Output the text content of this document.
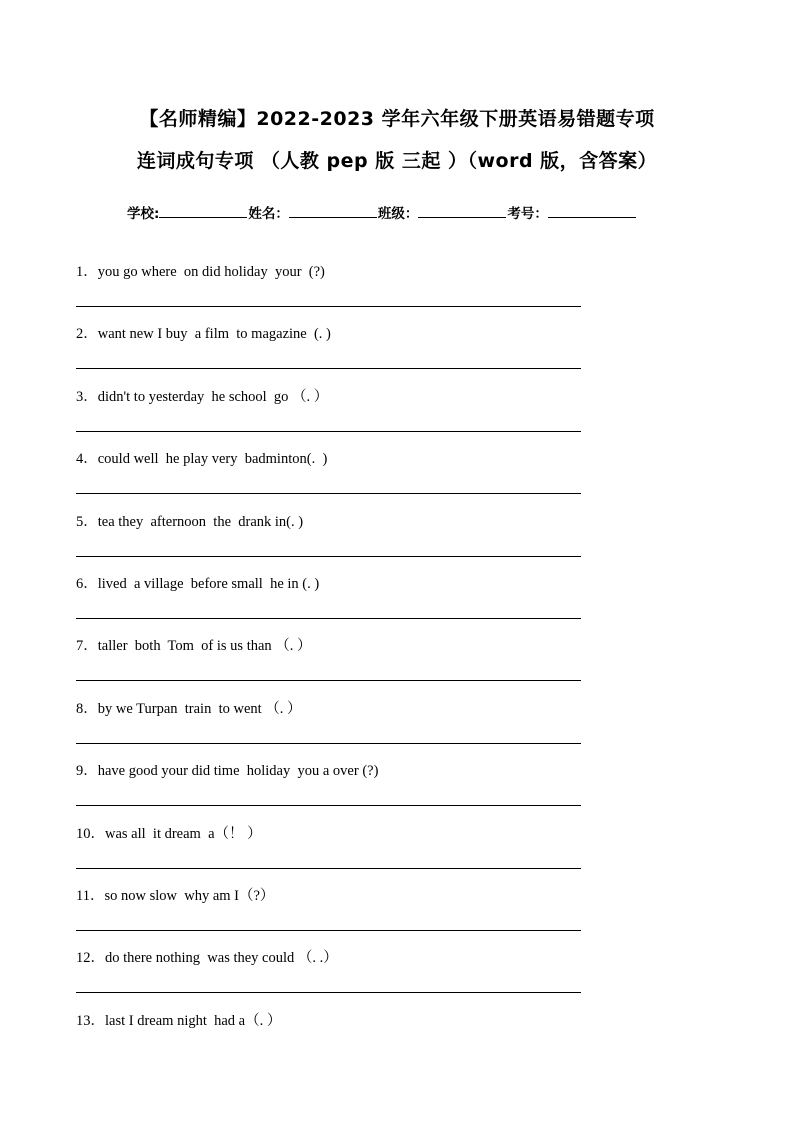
【名师精编】2022-2023 学年六年级下册英语易错题专项
连词成句专项 （人教 pep 版 三起 ）（word 版，含答案）
学校:	姓名：	班级：	考号：
1．you go where  on did holiday  your  (?)
2．want new I buy  a film  to magazine  (. )
3．didn't to yesterday  he school  go （. ）
4．could well  he play very  badminton(.  )
5．tea they  afternoon  the  drank in(. )
6．lived  a village  before small  he in (. )
7．taller  both  Tom  of is us than （. ）
8．by we Turpan  train  to went （. ）
9．have good your did time  holiday  you a over (?)
10．was all  it dream  a（！ ）
11．so now slow  why am I（?）
12．do there nothing  was they could （. .）
13．last I dream night  had a（. ）
